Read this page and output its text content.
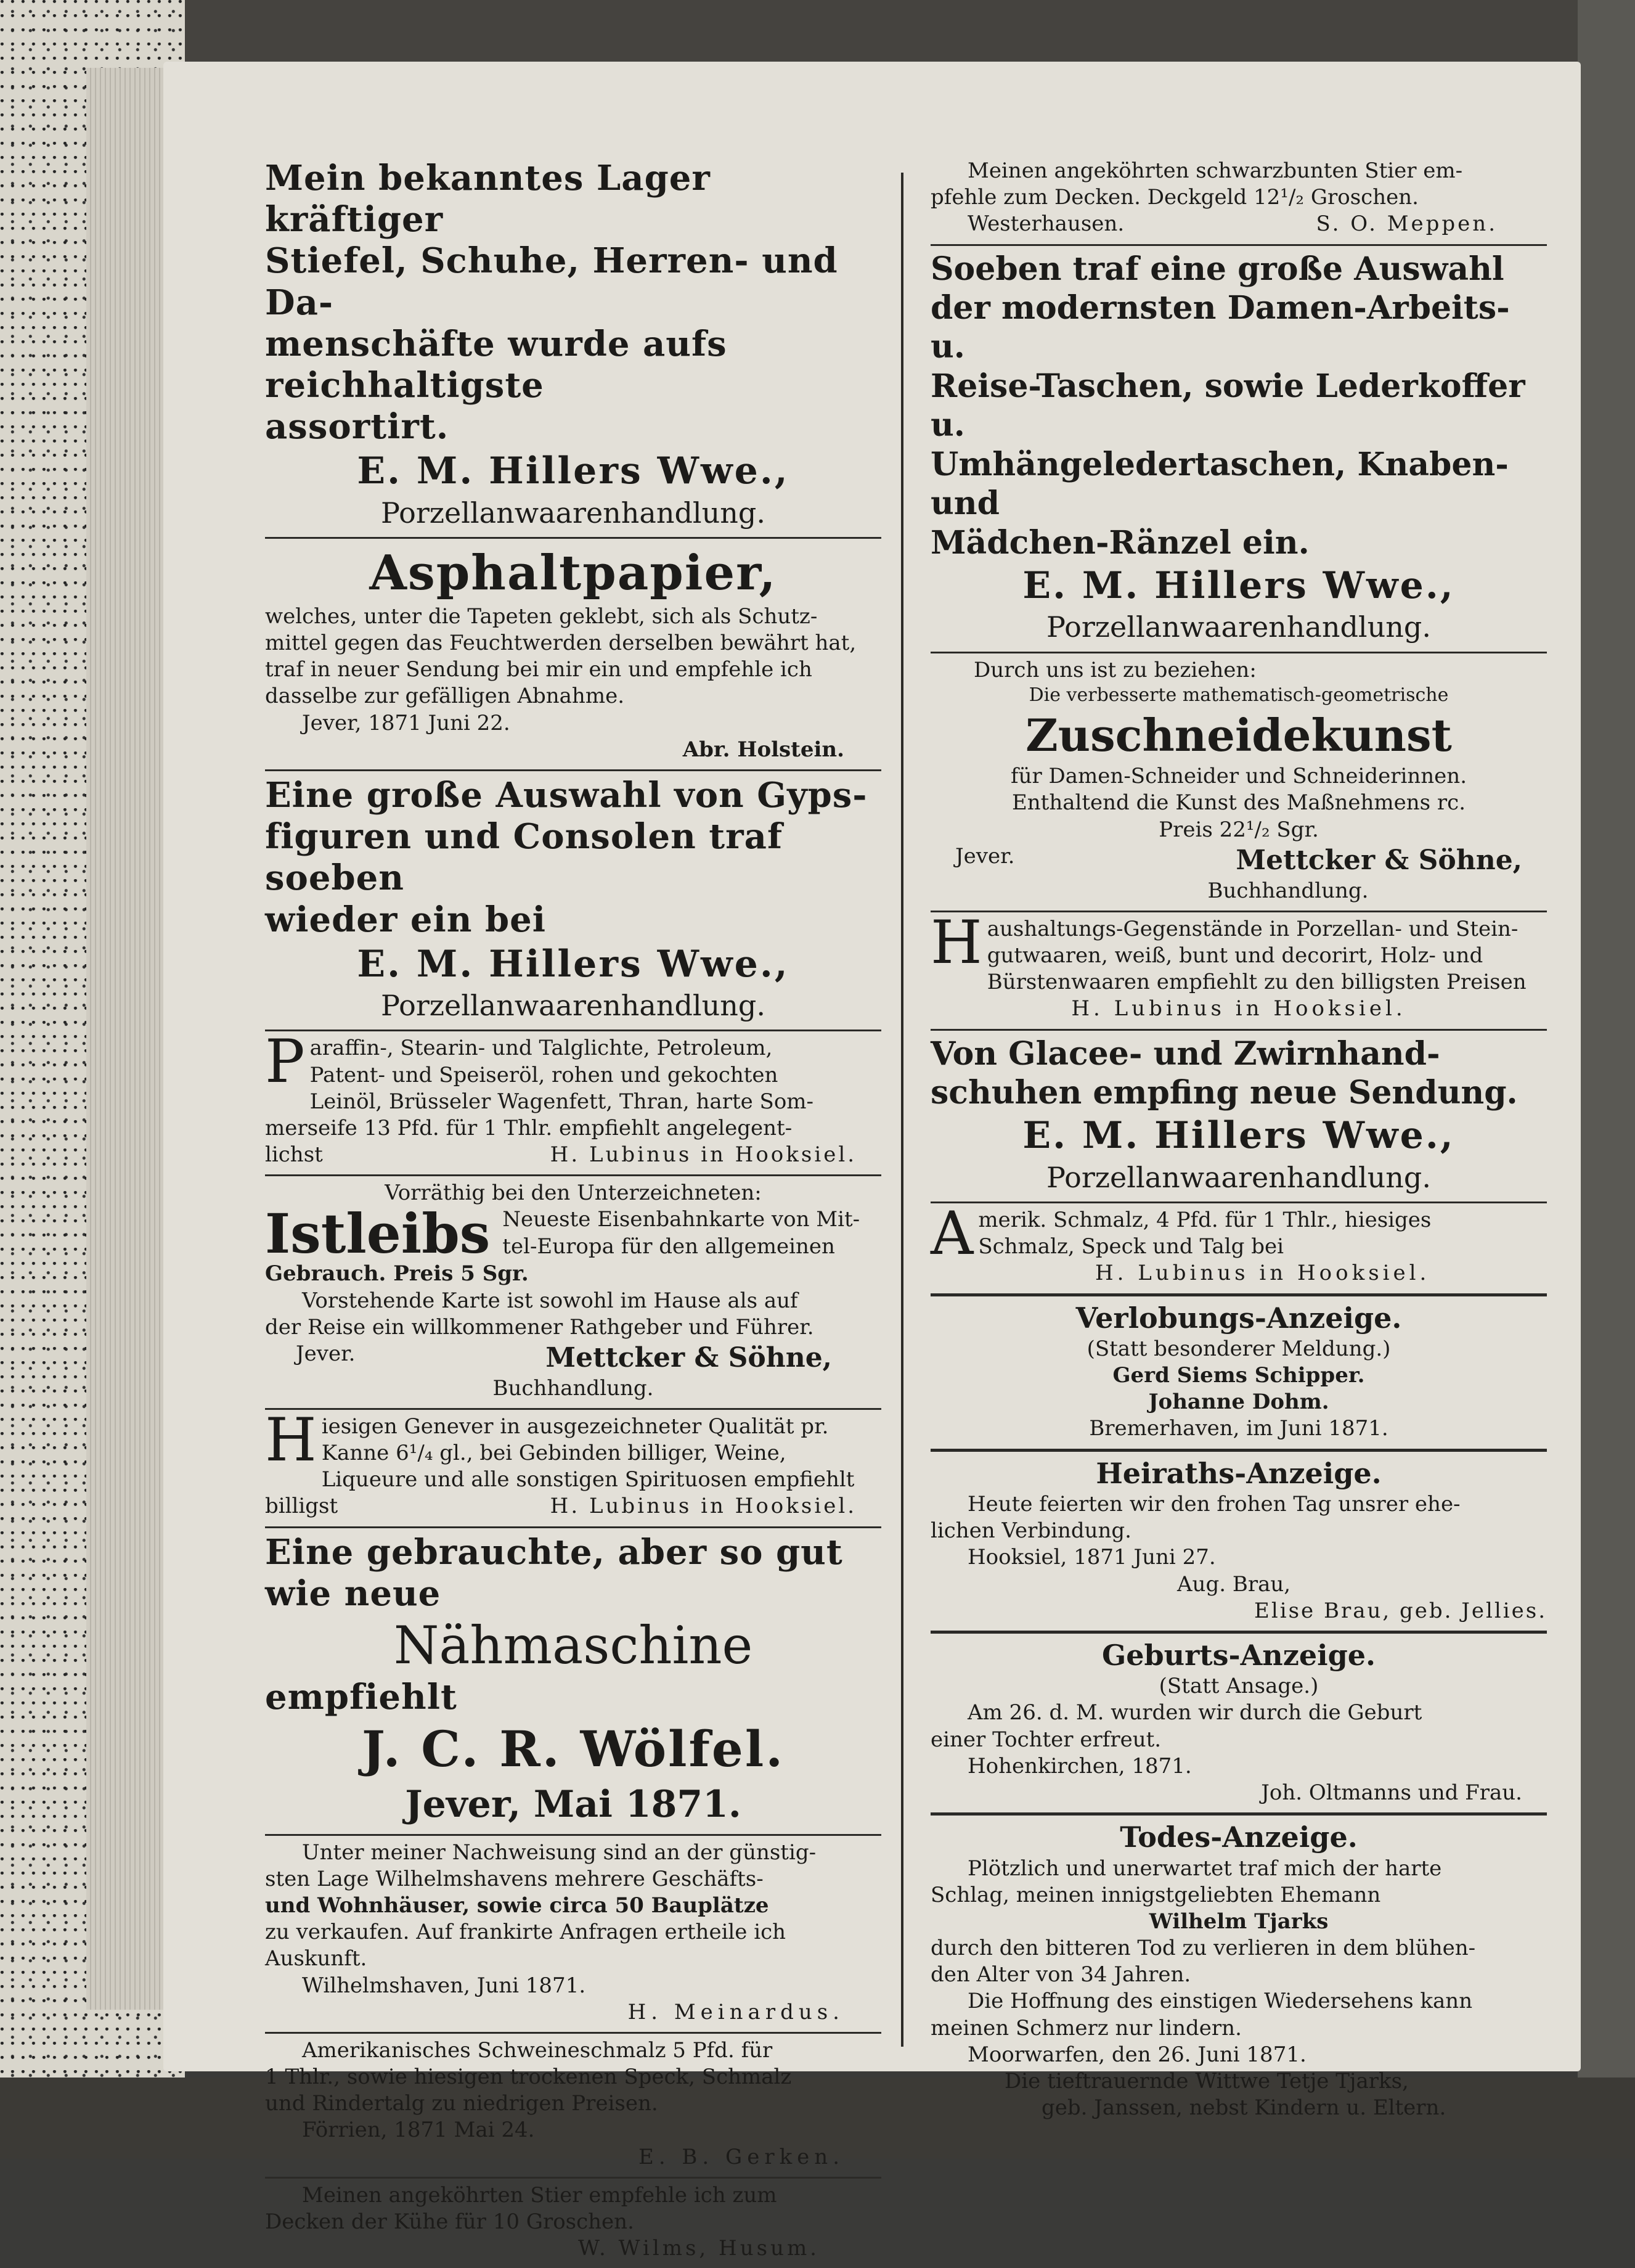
Mein bekanntes Lager kräftiger
Stiefel, Schuhe, Herren- und Da-
menschäfte wurde aufs reichhaltigste
assortirt.
E. M. Hillers Wwe.,
Porzellanwaarenhandlung.
Asphaltpapier,
welches, unter die Tapeten geklebt, sich als Schutz-
mittel gegen das Feuchtwerden derselben bewährt hat,
traf in neuer Sendung bei mir ein und empfehle ich
dasselbe zur gefälligen Abnahme.
Jever, 1871 Juni 22.
Abr. Holstein.
Eine große Auswahl von Gyps-
figuren und Consolen traf soeben
wieder ein bei
E. M. Hillers Wwe.,
Porzellanwaarenhandlung.
P araffin-, Stearin- und Talglichte, Petroleum,
Patent- und Speiseröl, rohen und gekochten
Leinöl, Brüsseler Wagenfett, Thran, harte Som-
merseife 13 Pfd. für 1 Thlr. empfiehlt angelegent-
lichst	H. Lubinus in Hooksiel.
Vorräthig bei den Unterzeichneten:
Istleibs Neueste Eisenbahnkarte von Mit-
tel-Europa für den allgemeinen
Gebrauch. Preis 5 Sgr.
Vorstehende Karte ist sowohl im Hause als auf
der Reise ein willkommener Rathgeber und Führer.
Jever.	Mettcker & Söhne,
Buchhandlung.
H iesigen Genever in ausgezeichneter Qualität pr.
Kanne 6¹/₄ gl., bei Gebinden billiger, Weine,
Liqueure und alle sonstigen Spirituosen empfiehlt
billigst	H. Lubinus in Hooksiel.
Eine gebrauchte, aber so gut
wie neue
Nähmaschine
empfiehlt
J. C. R. Wölfel.
Jever, Mai 1871.
Unter meiner Nachweisung sind an der günstig-
sten Lage Wilhelmshavens mehrere Geschäfts-
und Wohnhäuser, sowie circa 50 Bauplätze
zu verkaufen. Auf frankirte Anfragen ertheile ich
Auskunft.
Wilhelmshaven, Juni 1871.
H. Meinardus.
Amerikanisches Schweineschmalz 5 Pfd. für
1 Thlr., sowie hiesigen trockenen Speck, Schmalz
und Rindertalg zu niedrigen Preisen.
Förrien, 1871 Mai 24.
E. B. Gerken.
Meinen angeköhrten Stier empfehle ich zum
Decken der Kühe für 10 Groschen.
W. Wilms, Husum.
Meinen angeköhrten schwarzbunten Stier em-
pfehle zum Decken. Deckgeld 12¹/₂ Groschen.
Westerhausen.	S. O. Meppen.
Soeben traf eine große Auswahl
der modernsten Damen-Arbeits- u.
Reise-Taschen, sowie Lederkoffer u.
Umhängeledertaschen, Knaben- und
Mädchen-Ränzel ein.
E. M. Hillers Wwe.,
Porzellanwaarenhandlung.
Durch uns ist zu beziehen:
Die verbesserte mathematisch-geometrische
Zuschneidekunst
für Damen-Schneider und Schneiderinnen.
Enthaltend die Kunst des Maßnehmens rc.
Preis 22¹/₂ Sgr.
Jever.	Mettcker & Söhne,
Buchhandlung.
H aushaltungs-Gegenstände in Porzellan- und Stein-
gutwaaren, weiß, bunt und decorirt, Holz- und
Bürstenwaaren empfiehlt zu den billigsten Preisen
H. Lubinus in Hooksiel.
Von Glacee- und Zwirnhand-
schuhen empfing neue Sendung.
E. M. Hillers Wwe.,
Porzellanwaarenhandlung.
A merik. Schmalz, 4 Pfd. für 1 Thlr., hiesiges
Schmalz, Speck und Talg bei
H. Lubinus in Hooksiel.
Verlobungs-Anzeige.
(Statt besonderer Meldung.)
Gerd Siems Schipper.
Johanne Dohm.
Bremerhaven, im Juni 1871.
Heiraths-Anzeige.
Heute feierten wir den frohen Tag unsrer ehe-
lichen Verbindung.
Hooksiel, 1871 Juni 27.
Aug. Brau,
Elise Brau, geb. Jellies.
Geburts-Anzeige.
(Statt Ansage.)
Am 26. d. M. wurden wir durch die Geburt
einer Tochter erfreut.
Hohenkirchen, 1871.
Joh. Oltmanns und Frau.
Todes-Anzeige.
Plötzlich und unerwartet traf mich der harte
Schlag, meinen innigstgeliebten Ehemann
Wilhelm Tjarks
durch den bitteren Tod zu verlieren in dem blühen-
den Alter von 34 Jahren.
Die Hoffnung des einstigen Wiedersehens kann
meinen Schmerz nur lindern.
Moorwarfen, den 26. Juni 1871.
Die tieftrauernde Wittwe Tetje Tjarks,
geb. Janssen, nebst Kindern u. Eltern.
